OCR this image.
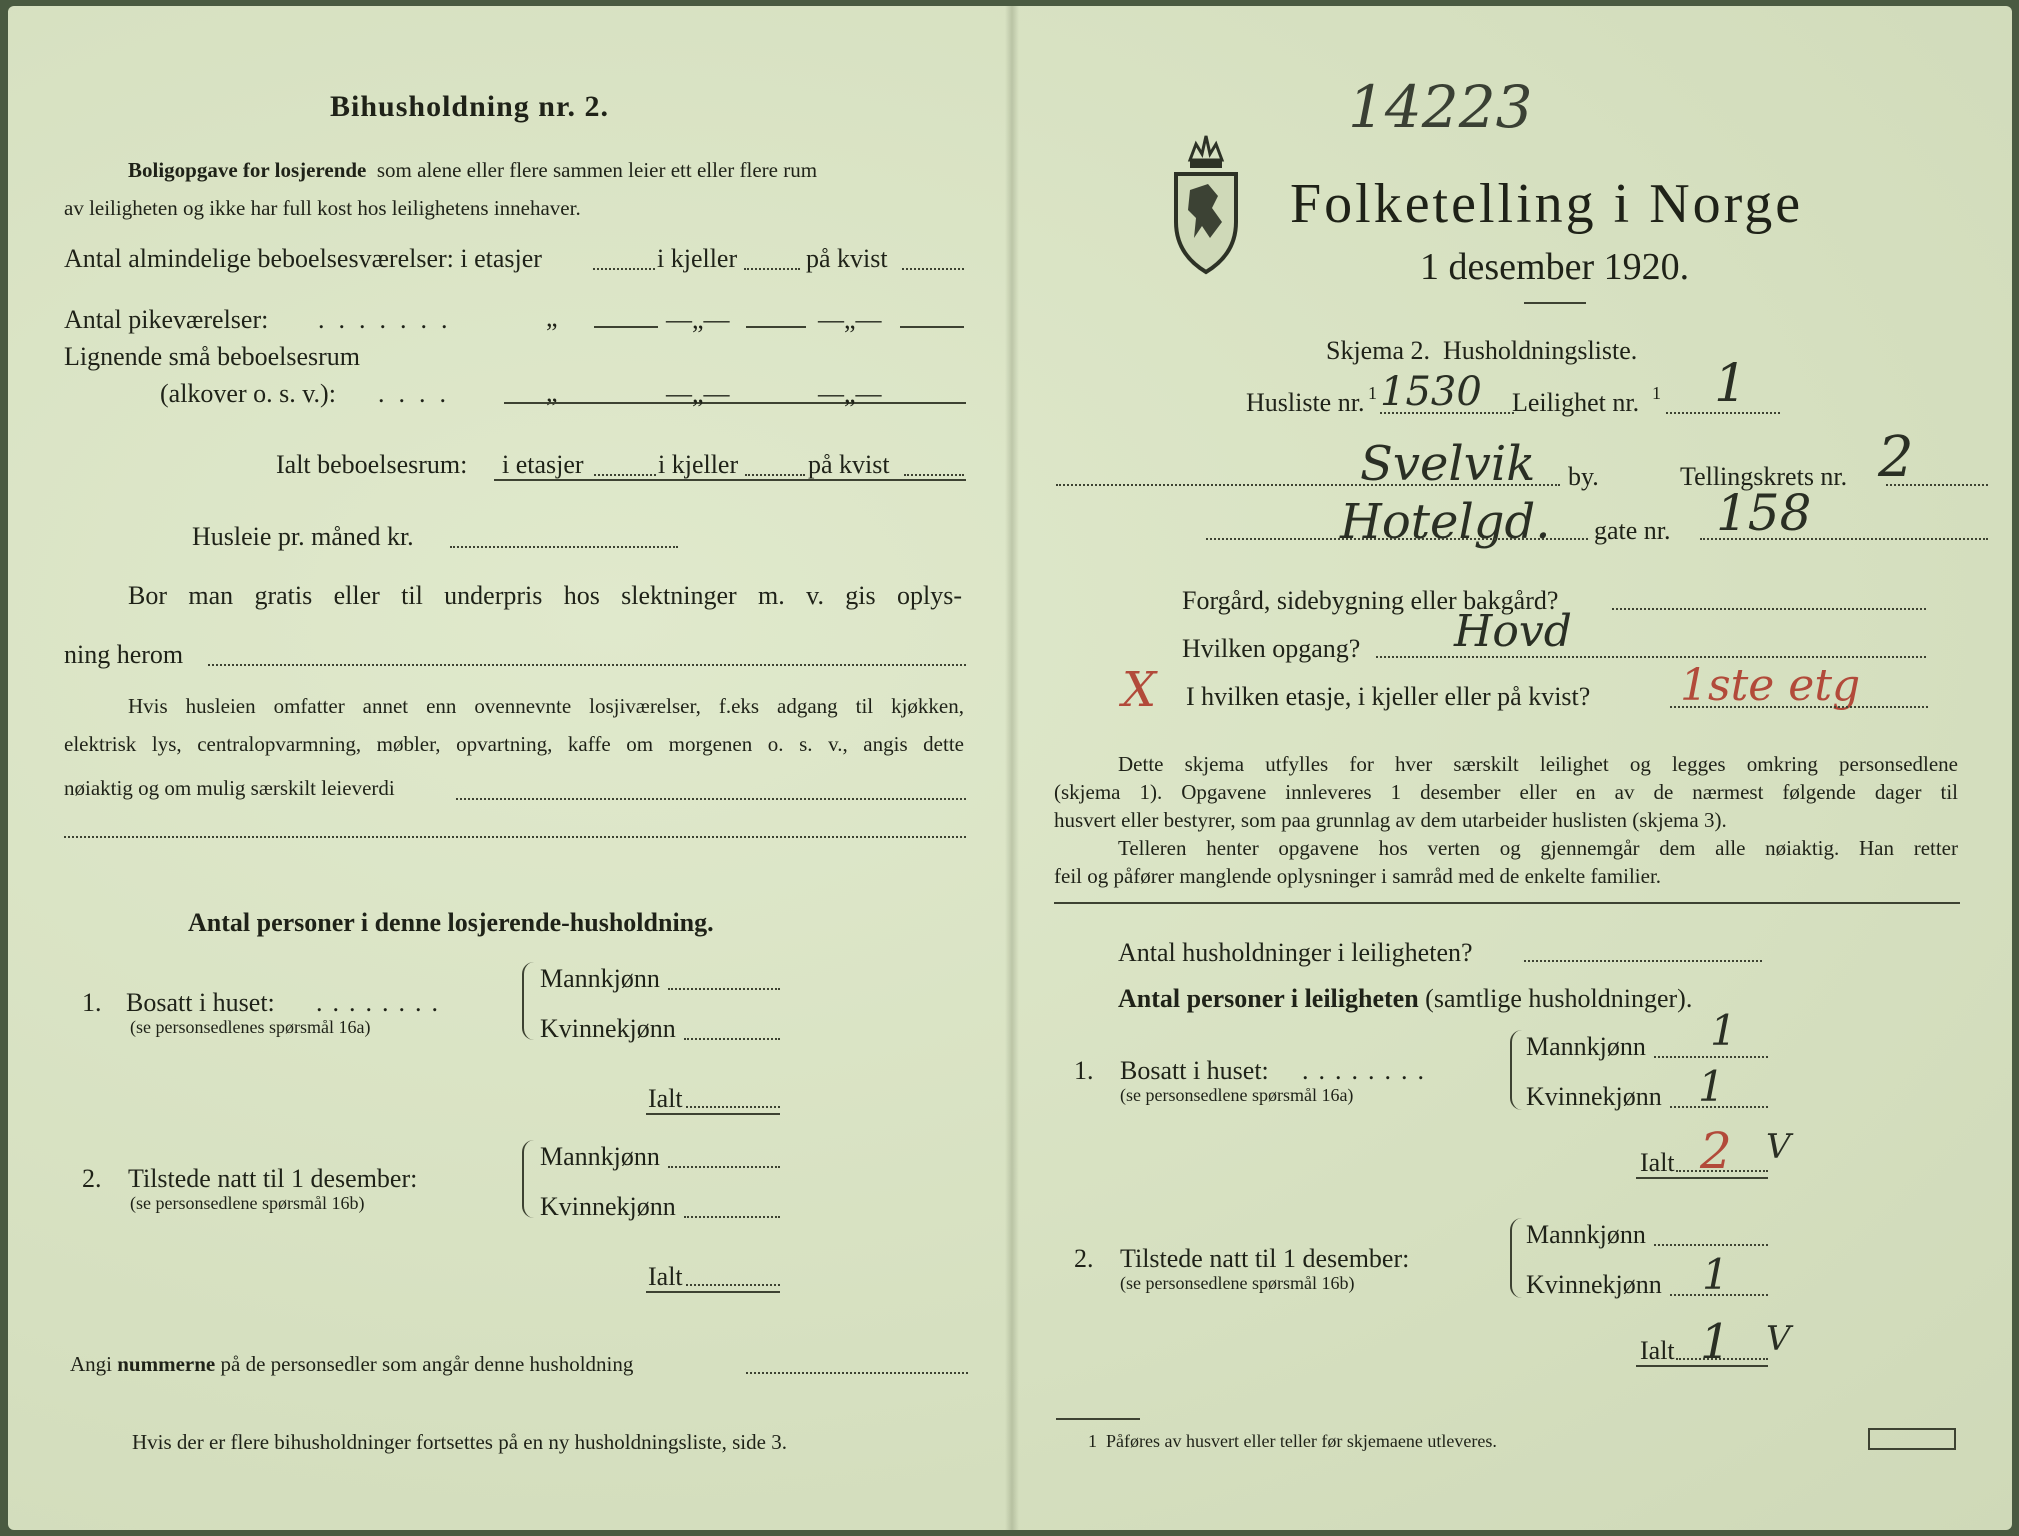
Bihusholdning nr. 2.
Boligopgave for losjerende som alene eller flere sammen leier ett eller flere rum
av leiligheten og ikke har full kost hos leilighetens innehaver.
Antal almindelige beboelsesværelser: i etasjer	i kjeller	på kvist
Antal pikeværelser: .......	„	—„—	—„—
Lignende små beboelsesrum
(alkover o. s. v.): ....	„	—„—	—„—
Ialt beboelsesrum: i etasjer	i kjeller	på kvist
Husleie pr. måned kr.
Bor man gratis eller til underpris hos slektninger m. v. gis oplys-
ning herom
Hvis husleien omfatter annet enn ovennevnte losjiværelser, f.eks adgang til kjøkken,
elektrisk lys, centralopvarmning, møbler, opvartning, kaffe om morgenen o. s. v., angis dette
nøiaktig og om mulig særskilt leieverdi
Antal personer i denne losjerende-husholdning.
1. Bosatt i huset: ........
(se personsedlenes spørsmål 16a)
Mannkjønn
Kvinnekjønn
Ialt
2. Tilstede natt til 1 desember:
(se personsedlene spørsmål 16b)
Mannkjønn
Kvinnekjønn
Ialt
Angi nummerne på de personsedler som angår denne husholdning
Hvis der er flere bihusholdninger fortsettes på en ny husholdningsliste, side 3.
14223
Folketelling i Norge
1 desember 1920.
Skjema 2. Husholdningsliste.
Husliste nr. 1 1530 Leilighet nr. 1 1
Svelvik by.	Tellingskrets nr. 2
Hotelgd. gate nr. 158
Forgård, sidebygning eller bakgård?
Hvilken opgang? Hovd
X I hvilken etasje, i kjeller eller på kvist? 1ste etg
Dette skjema utfylles for hver særskilt leilighet og legges omkring personsedlene
(skjema 1). Opgavene innleveres 1 desember eller en av de nærmest følgende dager til
husvert eller bestyrer, som paa grunnlag av dem utarbeider huslisten (skjema 3).
Telleren henter opgavene hos verten og gjennemgår dem alle nøiaktig. Han retter
feil og påfører manglende oplysninger i samråd med de enkelte familier.
Antal husholdninger i leiligheten?
Antal personer i leiligheten (samtlige husholdninger).
1. Bosatt i huset: ........
(se personsedlene spørsmål 16a)
Mannkjønn 1
Kvinnekjønn 1
Ialt 2 V
2. Tilstede natt til 1 desember:
(se personsedlene spørsmål 16b)
Mannkjønn
Kvinnekjønn 1
Ialt 1 V
1 Påføres av husvert eller teller før skjemaene utleveres.
